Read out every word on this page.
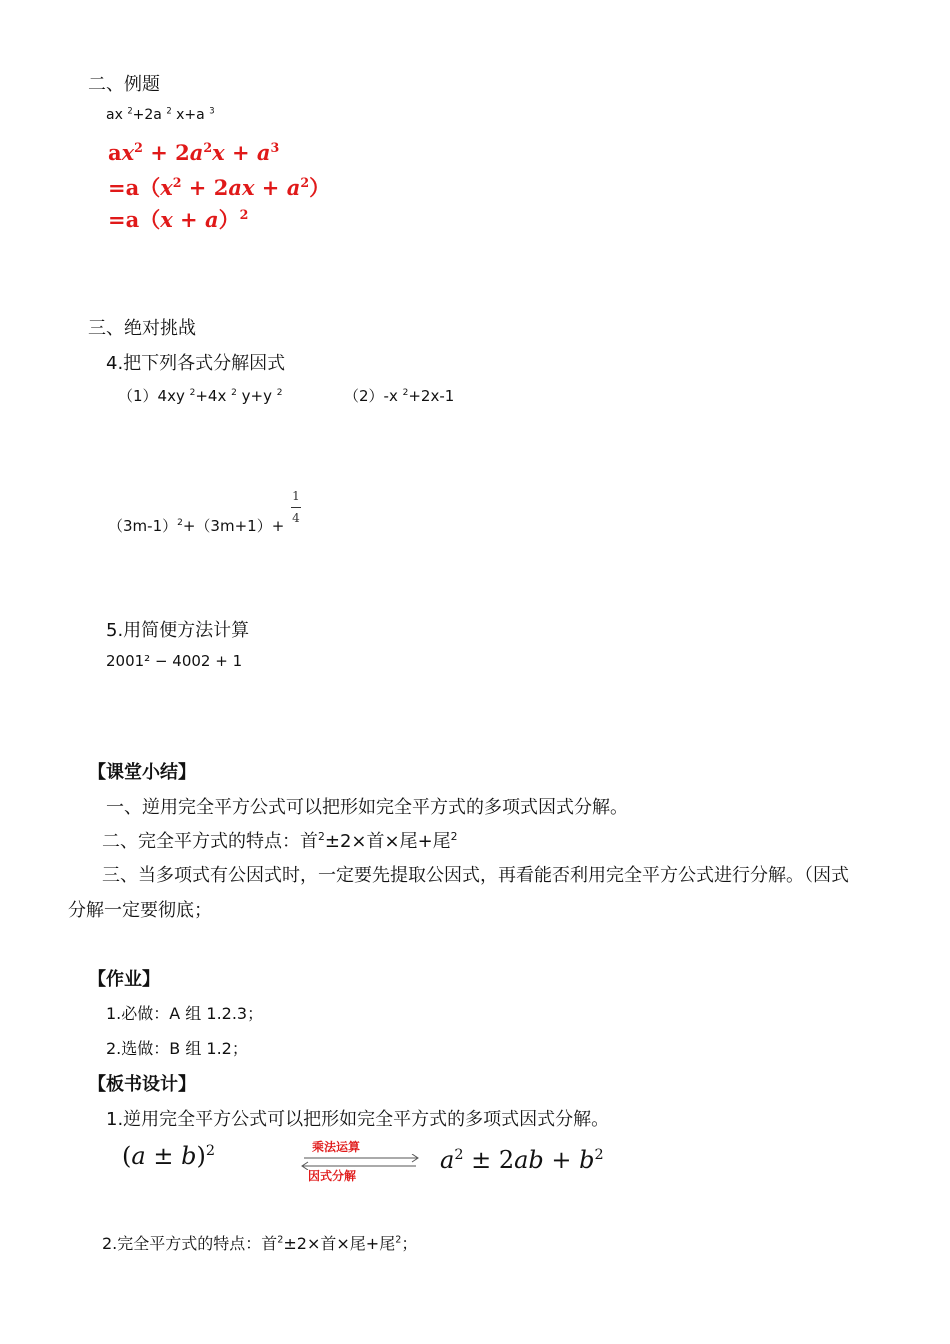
二、例题
ax $^2$+2a $^2$ x+a $^3$
$ax^2 + 2a^2x + a^3$
$=a(x^2 + 2ax + a^2)$
$=a(x + a)^2$
三、绝对挑战
4.把下列各式分解因式
（1）4xy $^2$+4x $^2$ y+y $^2$	（2）-x $^2$+2x-1
$(3m-1)^2+(3m+1)+$
1
4
5.用简便方法计算
2001² − 4002 + 1
【课堂小结】
一、逆用完全平方公式可以把形如完全平方式的多项式因式分解。
二、完全平方式的特点：首$^2$±2×首×尾+尾$^2$
三、当多项式有公因式时，一定要先提取公因式，再看能否利用完全平方公式进行分解。（因式
分解一定要彻底；
【作业】
1.必做：A 组 1.2.3；
2.选做：B 组 1.2；
【板书设计】
1.逆用完全平方公式可以把形如完全平方式的多项式因式分解。
$(a \pm b)^2$	乘法运算
因式分解
$a^2 \pm 2ab + b^2$
2.完全平方式的特点：首$^2$±2×首×尾+尾$^2$；
